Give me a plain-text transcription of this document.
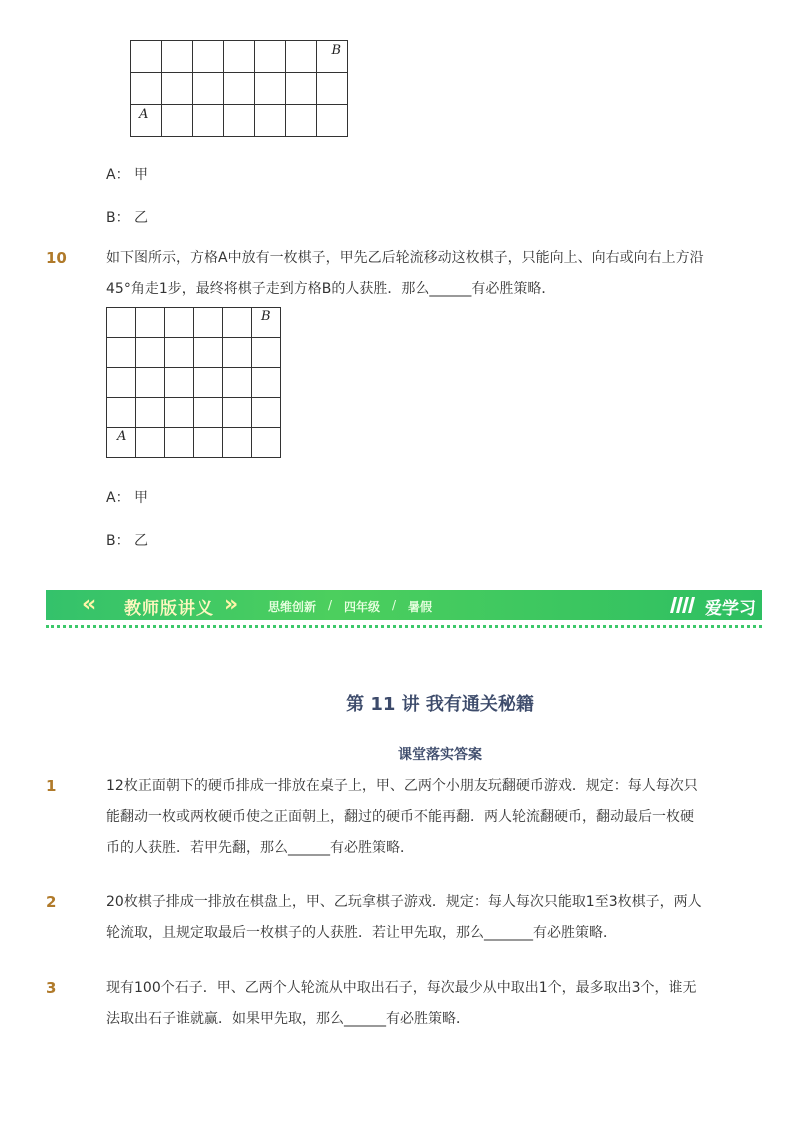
						B

A						

A： 甲
B： 乙
10	如下图所示，方格A中放有一枚棋子，甲先乙后轮流移动这枚棋子，只能向上、向右或向右上方沿

45°角走1步，最终将棋子走到方格B的人获胜．那么______有必胜策略．

					B

A					

A： 甲
B： 乙
« 教师版讲义 »	思维创新 / 四年级 / 暑假	爱学习
第 11 讲 我有通关秘籍
课堂落实答案
1	12枚正面朝下的硬币排成一排放在桌子上，甲、乙两个小朋友玩翻硬币游戏．规定：每人每次只

能翻动一枚或两枚硬币使之正面朝上，翻过的硬币不能再翻．两人轮流翻硬币，翻动最后一枚硬

币的人获胜．若甲先翻，那么______有必胜策略．

2	20枚棋子排成一排放在棋盘上，甲、乙玩拿棋子游戏．规定：每人每次只能取1至3枚棋子，两人

轮流取，且规定取最后一枚棋子的人获胜．若让甲先取，那么_______有必胜策略．

3	现有100个石子．甲、乙两个人轮流从中取出石子，每次最少从中取出1个，最多取出3个，谁无

法取出石子谁就赢．如果甲先取，那么______有必胜策略．
